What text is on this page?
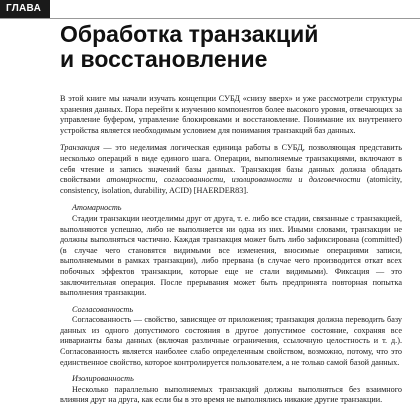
ГЛАВА 5	Обработка транзакций
и восстановление

В этой книге мы начали изучать концепции СУБД «снизу вверх» и уже рассмотрели структуры хранения данных. Пора перейти к изучению компонентов более высокого уровня, отвечающих за управление буфером, управление блокировками и восстановление. Понимание их внутреннего устройства является необходимым условием для понимания транзакций баз данных.

Транзакция — это неделимая логическая единица работы в СУБД, позволяющая представить несколько операций в виде единого шага. Операции, выполняемые транзакциями, включают в себя чтение и запись значений базы данных. Транзакция базы данных должна обладать свойствами атомарности, согласованности, изолированности и долговечности (atomicity, consistency, isolation, durability, ACID) [HAERDER83].

Атомарность

Стадии транзакции неотделимы друг от друга, т. е. либо все стадии, связанные с транзакцией, выполняются успешно, либо не выполняется ни одна из них. Иными словами, транзакции не должны выполняться частично. Каждая транзакция может быть либо зафиксирована (committed) (в случае чего становятся видимыми все изменения, вносимые операциями записи, выполняемыми в рамках транзакции), либо прервана (в случае чего производится откат всех побочных эффектов транзакции, которые еще не стали видимыми). Фиксация — это заключительная операция. После прерывания может быть предпринята повторная попытка выполнения транзакции.

Согласованность

Согласованность — свойство, зависящее от приложения; транзакция должна переводить базу данных из одного допустимого состояния в другое допустимое состояние, сохраняя все инварианты базы данных (включая различные ограничения, ссылочную целостность и т. д.). Согласованность является наиболее слабо определенным свойством, возможно, потому, что это единственное свойство, которое контролируется пользователем, а не только самой базой данных.

Изолированность

Несколько параллельно выполняемых транзакций должны выполняться без взаимного влияния друг на друга, как если бы в это время не выполнялись никакие другие транзакции.
